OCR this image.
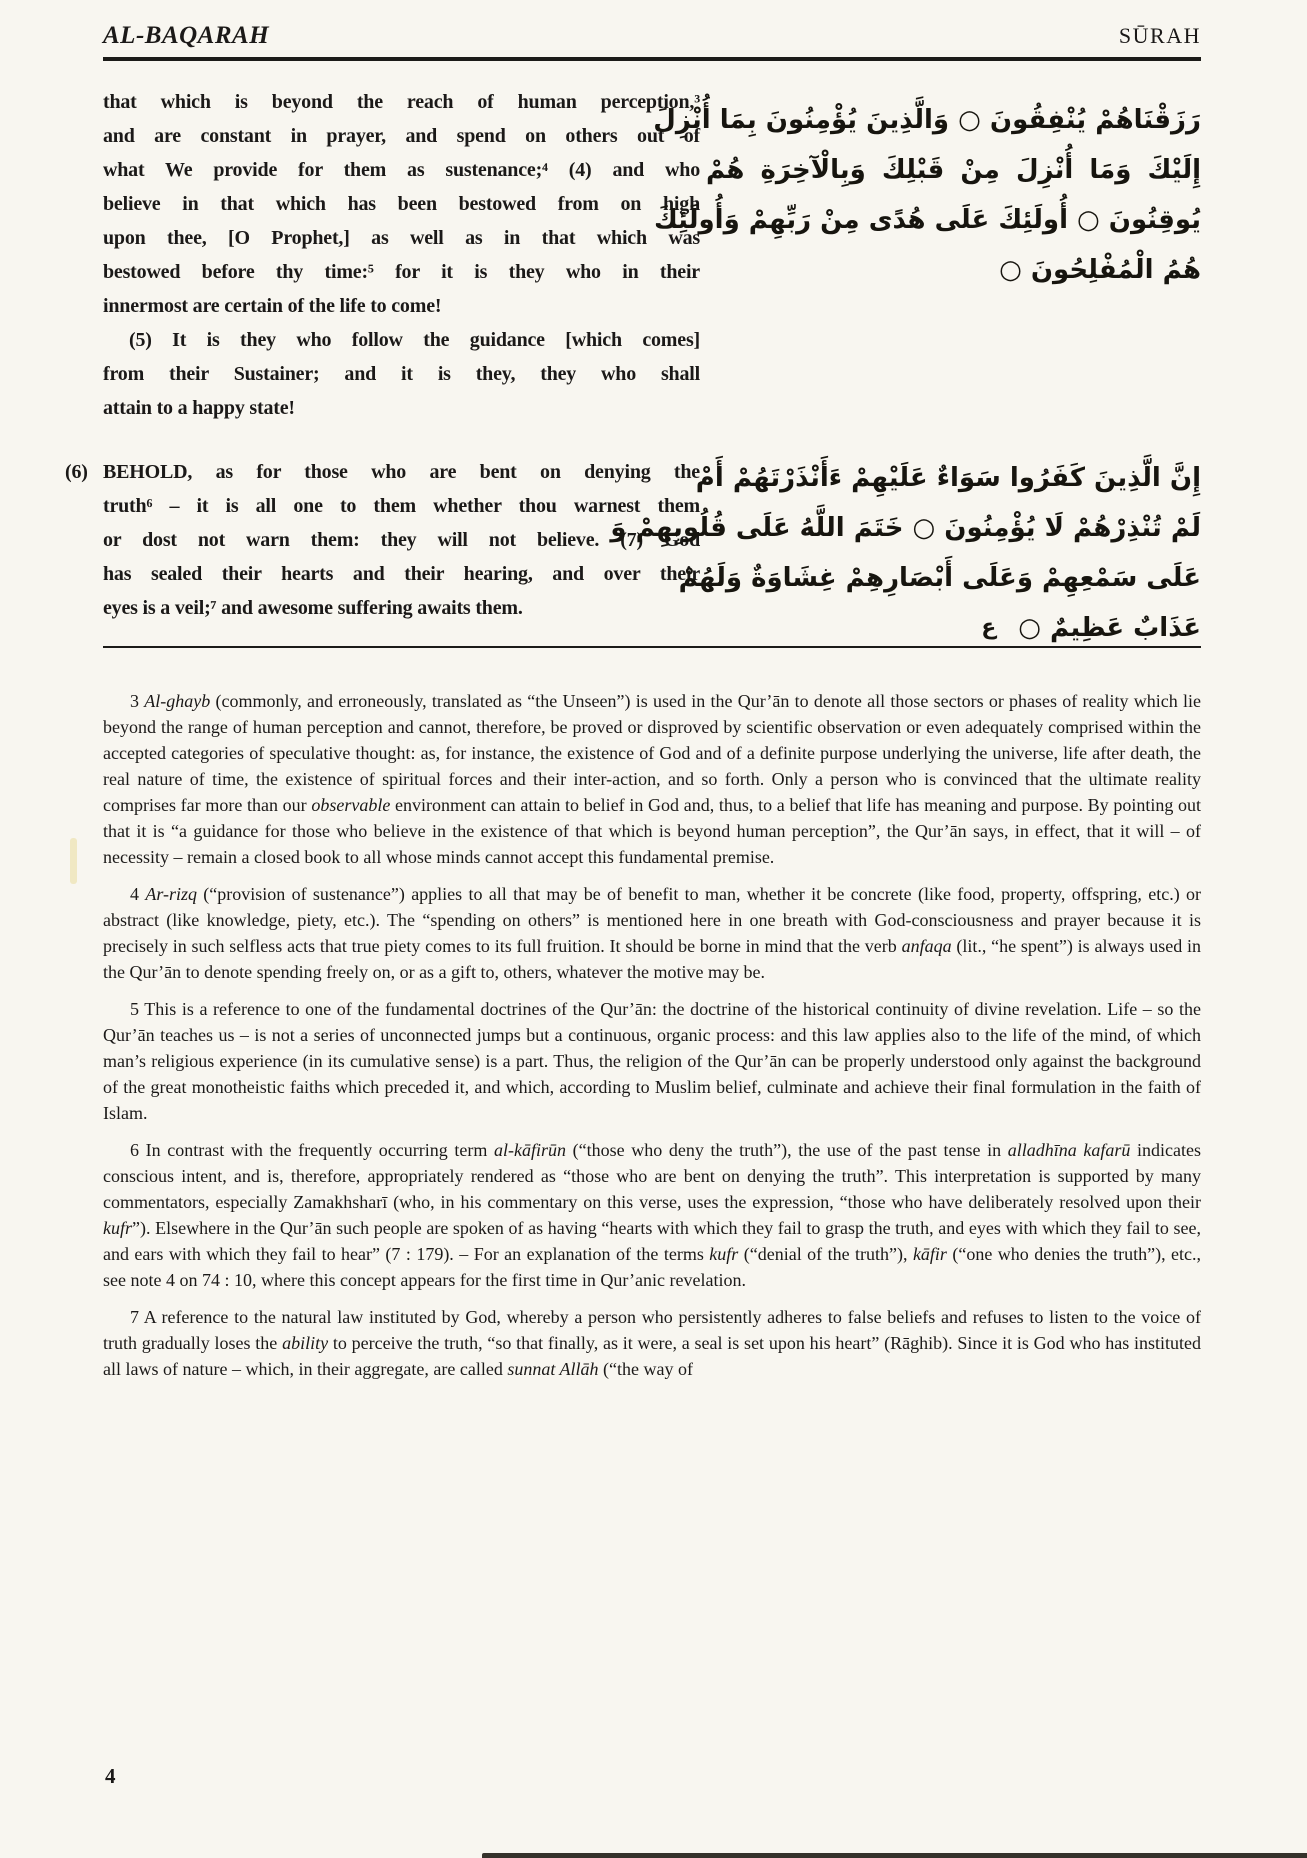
AL-BAQARAH	SŪRAH
that which is beyond the reach of human perception,³
and are constant in prayer, and spend on others out of
what We provide for them as sustenance;⁴ (4) and who
believe in that which has been bestowed from on high
upon thee, [O Prophet,] as well as in that which was
bestowed before thy time:⁵ for it is they who in their
innermost are certain of the life to come!
(5) It is they who follow the guidance [which comes]
from their Sustainer; and it is they, they who shall
attain to a happy state!
(6) BEHOLD, as for those who are bent on denying the
truth⁶ – it is all one to them whether thou warnest them
or dost not warn them: they will not believe. (7) God
has sealed their hearts and their hearing, and over their
eyes is a veil;⁷ and awesome suffering awaits them.
رَزَقْنَاهُمْ يُنْفِقُونَ ○ وَالَّذِينَ يُؤْمِنُونَ بِمَا أُنْزِلَ
إِلَيْكَ وَمَا أُنْزِلَ مِنْ قَبْلِكَ وَبِالْآخِرَةِ هُمْ
يُوقِنُونَ ○ أُولَئِكَ عَلَى هُدًى مِنْ رَبِّهِمْ وَأُولَئِكَ
هُمُ الْمُفْلِحُونَ ○
إِنَّ الَّذِينَ كَفَرُوا سَوَاءٌ عَلَيْهِمْ ءَأَنْذَرْتَهُمْ أَمْ
لَمْ تُنْذِرْهُمْ لَا يُؤْمِنُونَ ○ خَتَمَ اللَّهُ عَلَى قُلُوبِهِمْ وَ
عَلَى سَمْعِهِمْ وَعَلَى أَبْصَارِهِمْ غِشَاوَةٌ وَلَهُمْ
عَذَابٌ عَظِيمٌ ○
ع

3 Al-ghayb (commonly, and erroneously, translated as “the Unseen”) is used in the Qur’ān to denote all those sectors or phases of reality which lie beyond the range of human perception and cannot, therefore, be proved or disproved by scientific observation or even adequately comprised within the accepted categories of speculative thought: as, for instance, the existence of God and of a definite purpose underlying the universe, life after death, the real nature of time, the existence of spiritual forces and their inter-action, and so forth. Only a person who is convinced that the ultimate reality comprises far more than our observable environment can attain to belief in God and, thus, to a belief that life has meaning and purpose. By pointing out that it is “a guidance for those who believe in the existence of that which is beyond human perception”, the Qur’ān says, in effect, that it will – of necessity – remain a closed book to all whose minds cannot accept this fundamental premise.

4 Ar-rizq (“provision of sustenance”) applies to all that may be of benefit to man, whether it be concrete (like food, property, offspring, etc.) or abstract (like knowledge, piety, etc.). The “spending on others” is mentioned here in one breath with God-consciousness and prayer because it is precisely in such selfless acts that true piety comes to its full fruition. It should be borne in mind that the verb anfaqa (lit., “he spent”) is always used in the Qur’ān to denote spending freely on, or as a gift to, others, whatever the motive may be.

5 This is a reference to one of the fundamental doctrines of the Qur’ān: the doctrine of the historical continuity of divine revelation. Life – so the Qur’ān teaches us – is not a series of unconnected jumps but a continuous, organic process: and this law applies also to the life of the mind, of which man’s religious experience (in its cumulative sense) is a part. Thus, the religion of the Qur’ān can be properly understood only against the background of the great monotheistic faiths which preceded it, and which, according to Muslim belief, culminate and achieve their final formulation in the faith of Islam.

6 In contrast with the frequently occurring term al-kāfirūn (“those who deny the truth”), the use of the past tense in alladhīna kafarū indicates conscious intent, and is, therefore, appropriately rendered as “those who are bent on denying the truth”. This interpretation is supported by many commentators, especially Zamakhsharī (who, in his commentary on this verse, uses the expression, “those who have deliberately resolved upon their kufr”). Elsewhere in the Qur’ān such people are spoken of as having “hearts with which they fail to grasp the truth, and eyes with which they fail to see, and ears with which they fail to hear” (7 : 179). – For an explanation of the terms kufr (“denial of the truth”), kāfir (“one who denies the truth”), etc., see note 4 on 74 : 10, where this concept appears for the first time in Qur’anic revelation.

7 A reference to the natural law instituted by God, whereby a person who persistently adheres to false beliefs and refuses to listen to the voice of truth gradually loses the ability to perceive the truth, “so that finally, as it were, a seal is set upon his heart” (Rāghib). Since it is God who has instituted all laws of nature – which, in their aggregate, are called sunnat Allāh (“the way of

4
